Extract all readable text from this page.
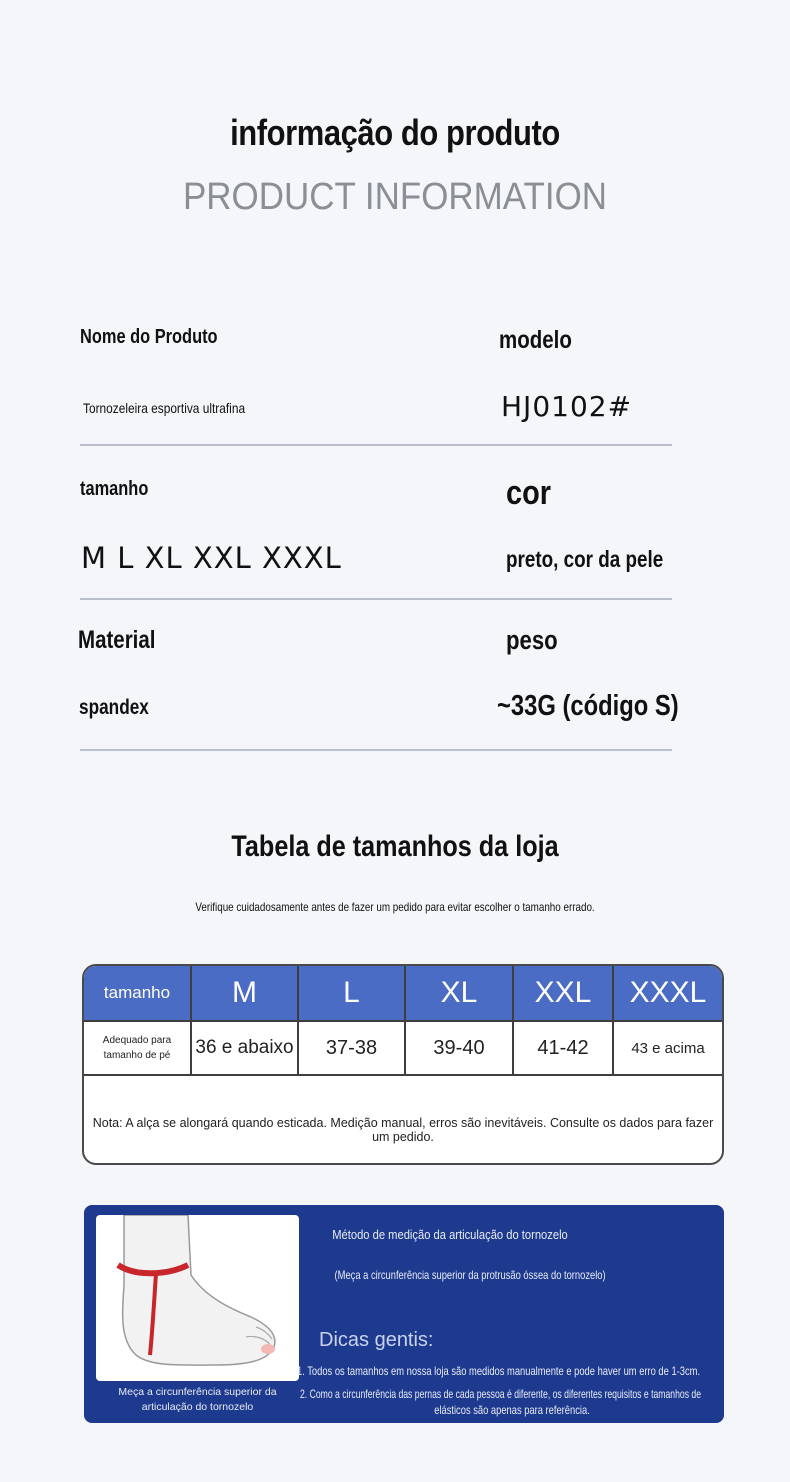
informação do produto
PRODUCT INFORMATION
Nome do Produto	modelo
Tornozeleira esportiva ultrafina	HJ0102#
tamanho	cor
M L XL XXL XXXL	preto, cor da pele
Material	peso
spandex	~33G (código S)
Tabela de tamanhos da loja
Verifique cuidadosamente antes de fazer um pedido para evitar escolher o tamanho errado.
tamanho	M	L	XL	XXL	XXXL
Adequado para tamanho de pé	36 e abaixo	37-38	39-40	41-42	43 e acima
Nota: A alça se alongará quando esticada. Medição manual, erros são inevitáveis. Consulte os dados para fazer um pedido.
Meça a circunferência superior da articulação do tornozelo
Método de medição da articulação do tornozelo
(Meça a circunferência superior da protrusão óssea do tornozelo)
Dicas gentis:
1. Todos os tamanhos em nossa loja são medidos manualmente e pode haver um erro de 1-3cm.
2. Como a circunferência das pernas de cada pessoa é diferente, os diferentes requisitos e tamanhos de
elásticos são apenas para referência.
